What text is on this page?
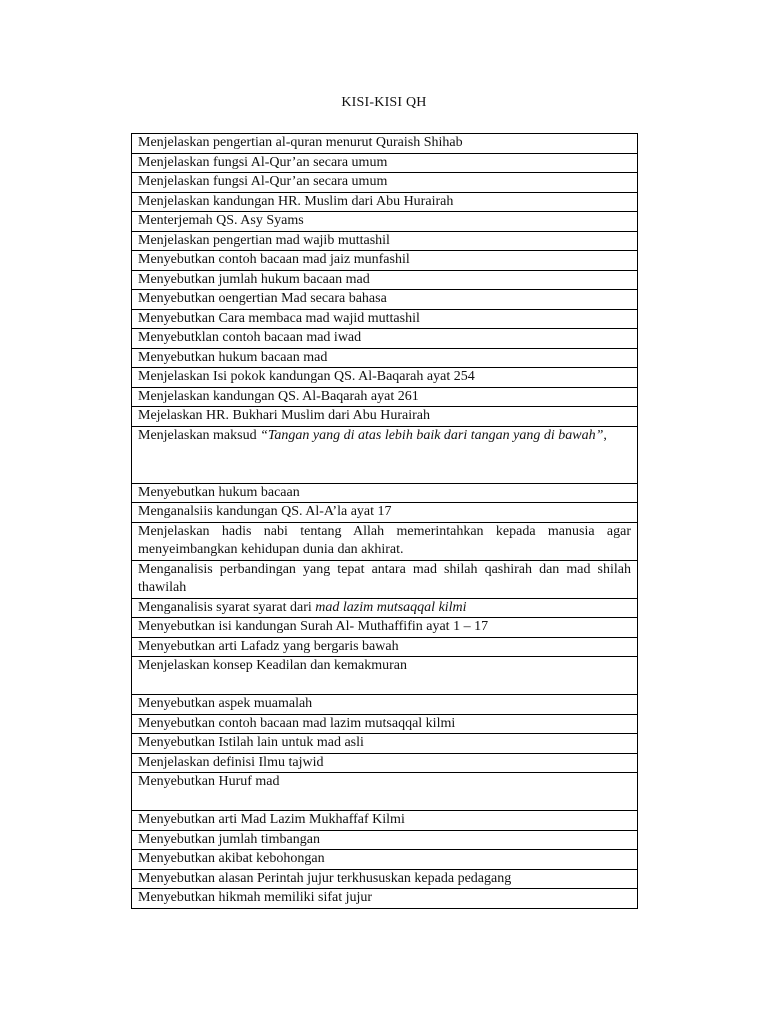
KISI-KISI QH
Menjelaskan pengertian al-quran menurut Quraish Shihab
Menjelaskan fungsi Al-Qur’an secara umum
Menjelaskan fungsi Al-Qur’an secara umum
Menjelaskan kandungan HR. Muslim dari Abu Hurairah
Menterjemah QS. Asy Syams
Menjelaskan pengertian mad wajib muttashil
Menyebutkan contoh bacaan mad jaiz munfashil
Menyebutkan jumlah hukum bacaan mad
Menyebutkan oengertian Mad secara bahasa
Menyebutkan Cara membaca mad wajid muttashil
Menyebutklan contoh bacaan mad iwad
Menyebutkan hukum bacaan mad
Menjelaskan Isi pokok kandungan QS. Al-Baqarah ayat 254
Menjelaskan kandungan QS. Al-Baqarah ayat 261
Mejelaskan HR. Bukhari Muslim dari Abu Hurairah
Menjelaskan maksud “Tangan yang di atas lebih baik dari tangan yang di bawah”,
Menyebutkan hukum bacaan
Menganalsiis kandungan QS. Al-A’la ayat 17
Menjelaskan hadis nabi tentang Allah memerintahkan kepada manusia agar menyeimbangkan kehidupan dunia dan akhirat.
Menganalisis perbandingan yang tepat antara mad shilah qashirah dan mad shilah thawilah
Menganalisis syarat syarat dari mad lazim mutsaqqal kilmi
Menyebutkan isi kandungan Surah Al- Muthaffifin ayat 1 – 17
Menyebutkan arti Lafadz yang bergaris bawah
Menjelaskan konsep Keadilan dan kemakmuran
Menyebutkan aspek muamalah
Menyebutkan contoh bacaan mad lazim mutsaqqal kilmi
Menyebutkan Istilah lain untuk mad asli
Menjelaskan definisi Ilmu tajwid
Menyebutkan Huruf mad
Menyebutkan arti Mad Lazim Mukhaffaf Kilmi
Menyebutkan jumlah timbangan
Menyebutkan akibat kebohongan
Menyebutkan alasan Perintah jujur terkhususkan kepada pedagang
Menyebutkan hikmah memiliki sifat jujur
